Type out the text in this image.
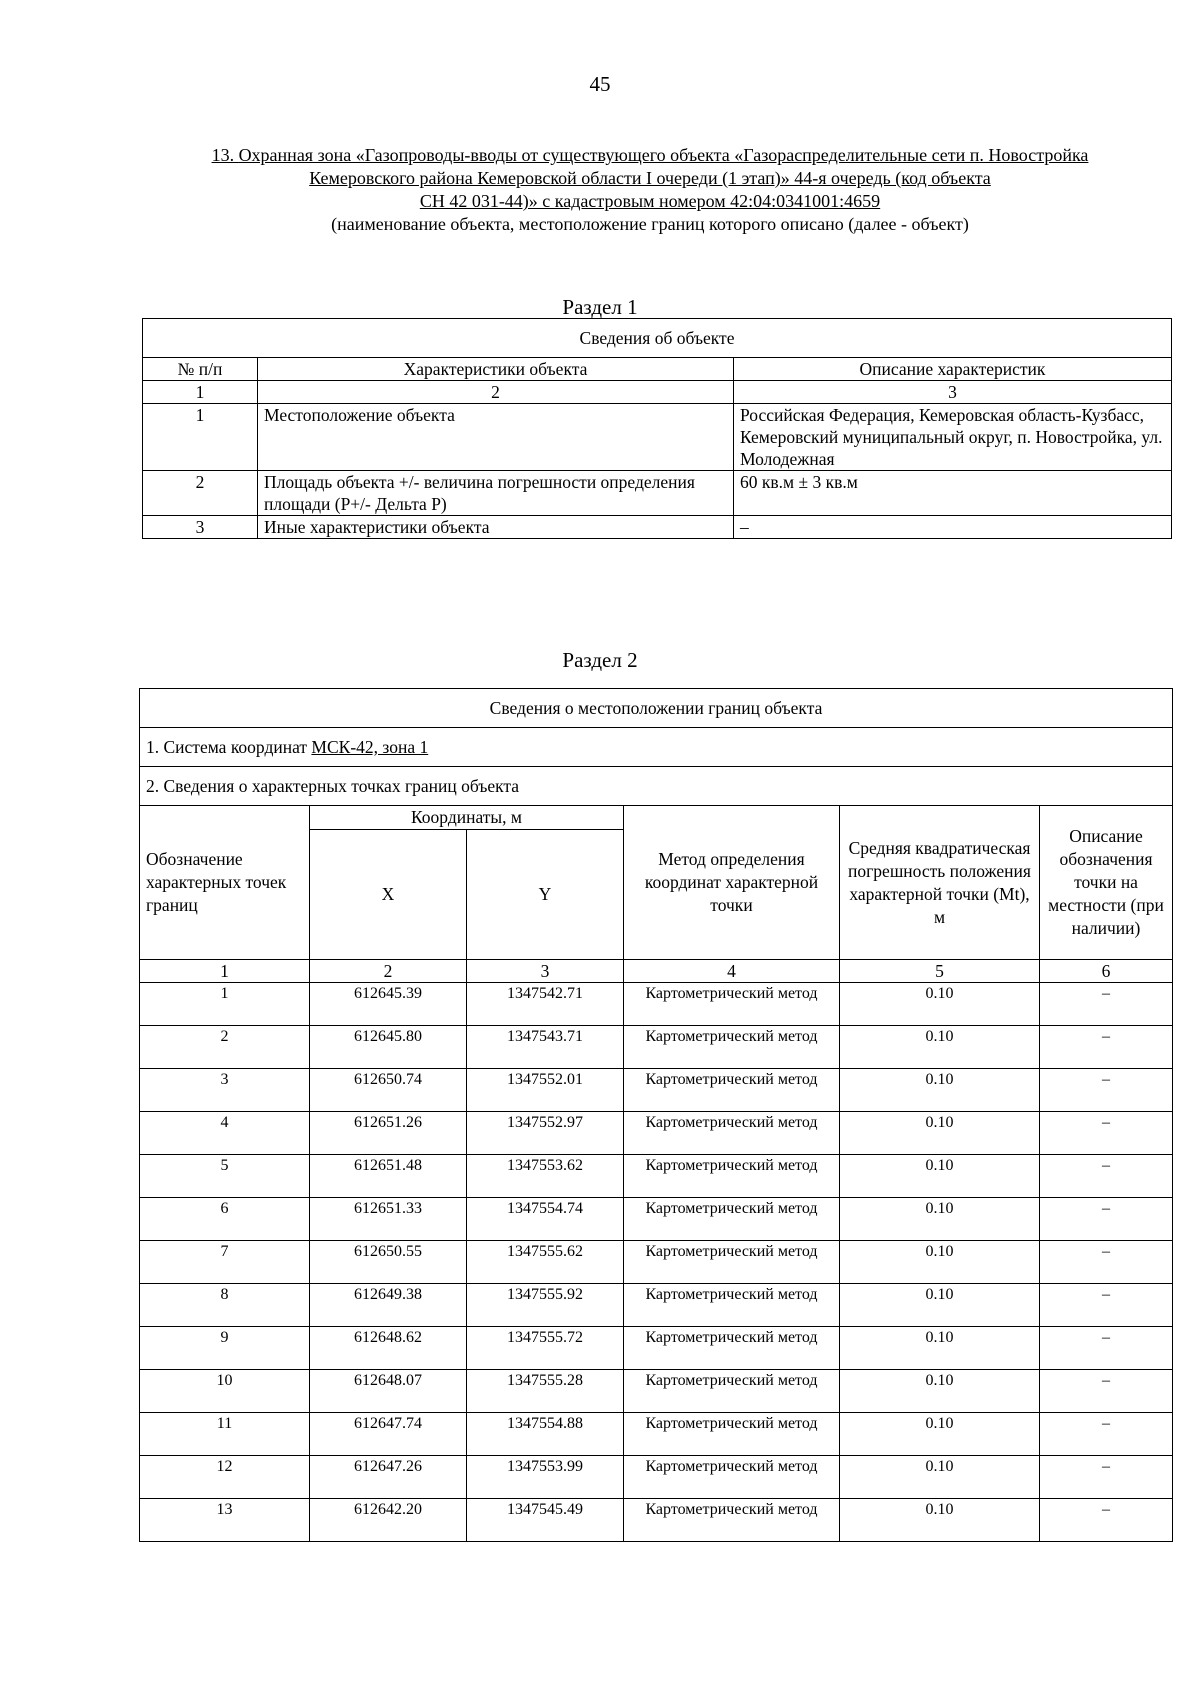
45
13. Охранная зона «Газопроводы-вводы от существующего объекта «Газораспределительные сети п. Новостройка
Кемеровского района Кемеровской области I очереди (1 этап)» 44-я очередь (код объекта
СН 42 031-44)» с кадастровым номером 42:04:0341001:4659
(наименование объекта, местоположение границ которого описано (далее - объект)
Раздел 1
Сведения об объекте		
№ п/п	Характеристики объекта	Описание характеристик
1	2	3
1	Местоположение объекта	Российская Федерация, Кемеровская область-Кузбасс, Кемеровский муниципальный округ, п. Новостройка, ул. Молодежная
2	Площадь объекта +/- величина погрешности определения площади (P+/- Дельта P)	60 кв.м ± 3 кв.м
3	Иные характеристики объекта	–
Раздел 2
Сведения о местоположении границ объекта					
1. Система координат МСК-42, зона 1					
2. Сведения о характерных точках границ объекта					
Обозначение характерных точек границ	Координаты, м		Метод определения координат характерной точки	Средняя квадратическая погрешность положения характерной точки (Mt), м	Описание обозначения точки на местности (при наличии)
	X	Y			
1	2	3	4	5	6
1	612645.39	1347542.71	Картометрический метод	0.10	–
2	612645.80	1347543.71	Картометрический метод	0.10	–
3	612650.74	1347552.01	Картометрический метод	0.10	–
4	612651.26	1347552.97	Картометрический метод	0.10	–
5	612651.48	1347553.62	Картометрический метод	0.10	–
6	612651.33	1347554.74	Картометрический метод	0.10	–
7	612650.55	1347555.62	Картометрический метод	0.10	–
8	612649.38	1347555.92	Картометрический метод	0.10	–
9	612648.62	1347555.72	Картометрический метод	0.10	–
10	612648.07	1347555.28	Картометрический метод	0.10	–
11	612647.74	1347554.88	Картометрический метод	0.10	–
12	612647.26	1347553.99	Картометрический метод	0.10	–
13	612642.20	1347545.49	Картометрический метод	0.10	–
